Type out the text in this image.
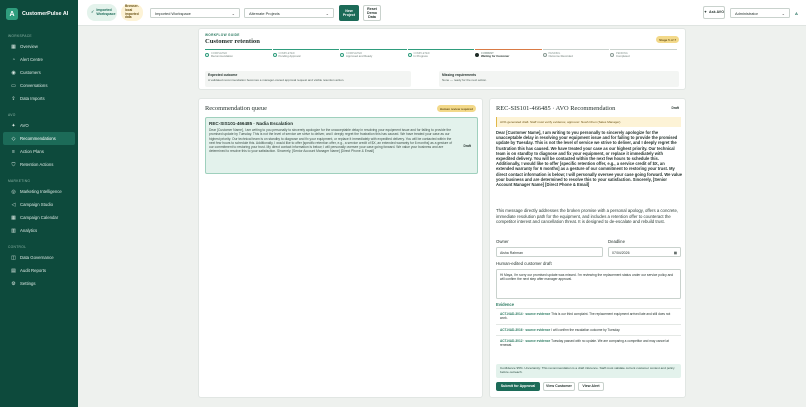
A	CustomerPulse AI
WORKSPACE
▦ Overview
◔ Alert Centre
◉ Customers
▭ Conversations
⇪ Data Imports
AVO
✦ AVO
◇ Recommendations
≡ Action Plans
⛉ Retention Actions
MARKETING
◎ Marketing Intelligence
◁ Campaign Studio
▦ Campaign Calendar
▥ Analytics
CONTROL
◫ Data Governance
▤ Audit Reports
⚙ Settings
✓ Imported Workspace
Browser-local imported data
Imported Workspace	⌄	Alternate Projects	⌄	New Project
Reset Demo Data
✦ Ask AVO	Administrator	⌄	A
WORKFLOW GUIDE
Customer retention	Stage 5 of 7
COMPLETED
Recommendation
COMPLETED
Pending Approval
COMPLETED
Approved and Ready
COMPLETED
In Progress
CURRENT
Waiting for Customer
PENDING
Outcome Recorded
PENDING
Completed
Expected outcome
A validated recommendation becomes a manager-owned approval request and visible retention action.
Missing requirements
None — ready for the next action.
Recommendation queue	Human review required
REC-SIS101-466485 · Nadia Escalation
Dear [Customer Name], I am writing to you personally to sincerely apologize for the unacceptable delay in resolving your equipment issue and for failing to provide the promised update by Tuesday. This is not the level of service we strive to deliver, and I deeply regret the frustration this has caused. We have treated your case as our highest priority. Our technical team is on standby to diagnose and fix your equipment, or replace it immediately with expedited delivery. You will be contacted within the next few hours to schedule this. Additionally, I would like to offer [specific retention offer, e.g., a service credit of $X, an extended warranty for 6 months] as a gesture of our commitment to restoring your trust. My direct contact information is below; I will personally oversee your case going forward. We value your business and are determined to resolve this to your satisfaction. Sincerely, [Senior Account Manager Name] [Direct Phone & Email]
Draft
REC-SIS101-466485 · AVO Recommendation	Draft
AVO-generated draft. Staff must verify evidence; approver: Noah Chen (Sales Manager)
Dear [Customer Name], I am writing to you personally to sincerely apologize for the unacceptable delay in resolving your equipment issue and for failing to provide the promised update by Tuesday. This is not the level of service we strive to deliver, and I deeply regret the frustration this has caused. We have treated your case as our highest priority. Our technical team is on standby to diagnose and fix your equipment, or replace it immediately with expedited delivery. You will be contacted within the next few hours to schedule this. Additionally, I would like to offer [specific retention offer, e.g., a service credit of $X, an extended warranty for 6 months] as a gesture of our commitment to restoring your trust. My direct contact information is below; I will personally oversee your case going forward. We value your business and are determined to resolve this to your satisfaction. Sincerely, [Senior Account Manager Name] [Direct Phone & Email]
This message directly addresses the broken promise with a personal apology, offers a concrete, immediate resolution path for the equipment, and includes a retention offer to counteract the competitor interest and cancellation threat. It is designed to de-escalate and rebuild trust.
Owner
Aisha Rahman
Deadline
07/04/2026	▦
Human-edited customer draft
Hi Maya, I'm sorry our promised update was missed. I'm reviewing the replacement status under our service policy and will confirm the next step after manager approval.
Evidence
ACT-NAD-3014 · source evidence This is our third complaint. The replacement equipment arrived late and still does not work.
ACT-NAD-3016 · source evidence I will confirm the escalation outcome by Tuesday.
ACT-NAD-3012 · source evidence Tuesday passed with no update. We are comparing a competitor and may cancel at renewal.
Confidence 95%. Uncertainty: This recommendation is a draft inference. Staff must validate current customer context and policy before outreach.
Submit for Approval	View Customer	View Alert
